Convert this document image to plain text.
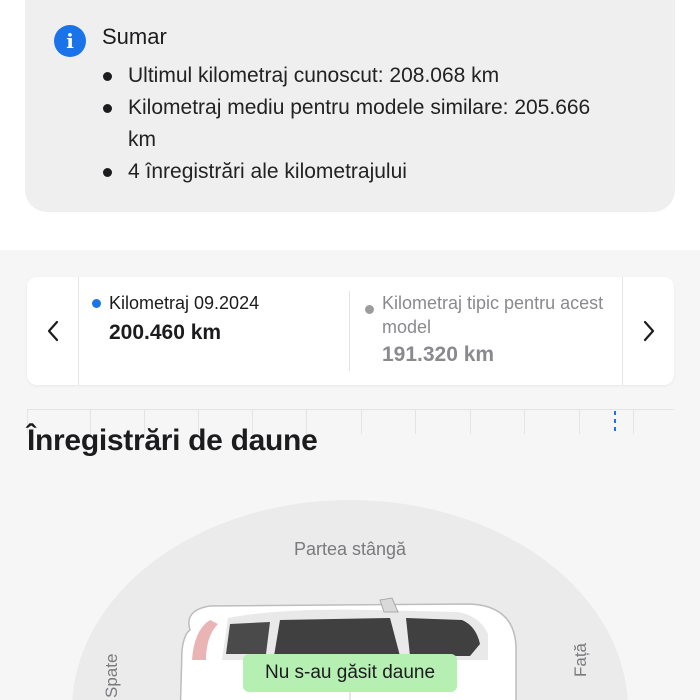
i	Sumar
Ultimul kilometraj cunoscut: 208.068 km
Kilometraj mediu pentru modele similare: 205.666 km
4 înregistrări ale kilometrajului
Kilometraj 09.2024
200.460 km
Kilometraj tipic pentru acest model
191.320 km
Înregistrări de daune
Partea stângă
Spate	Față
Nu s-au găsit daune
